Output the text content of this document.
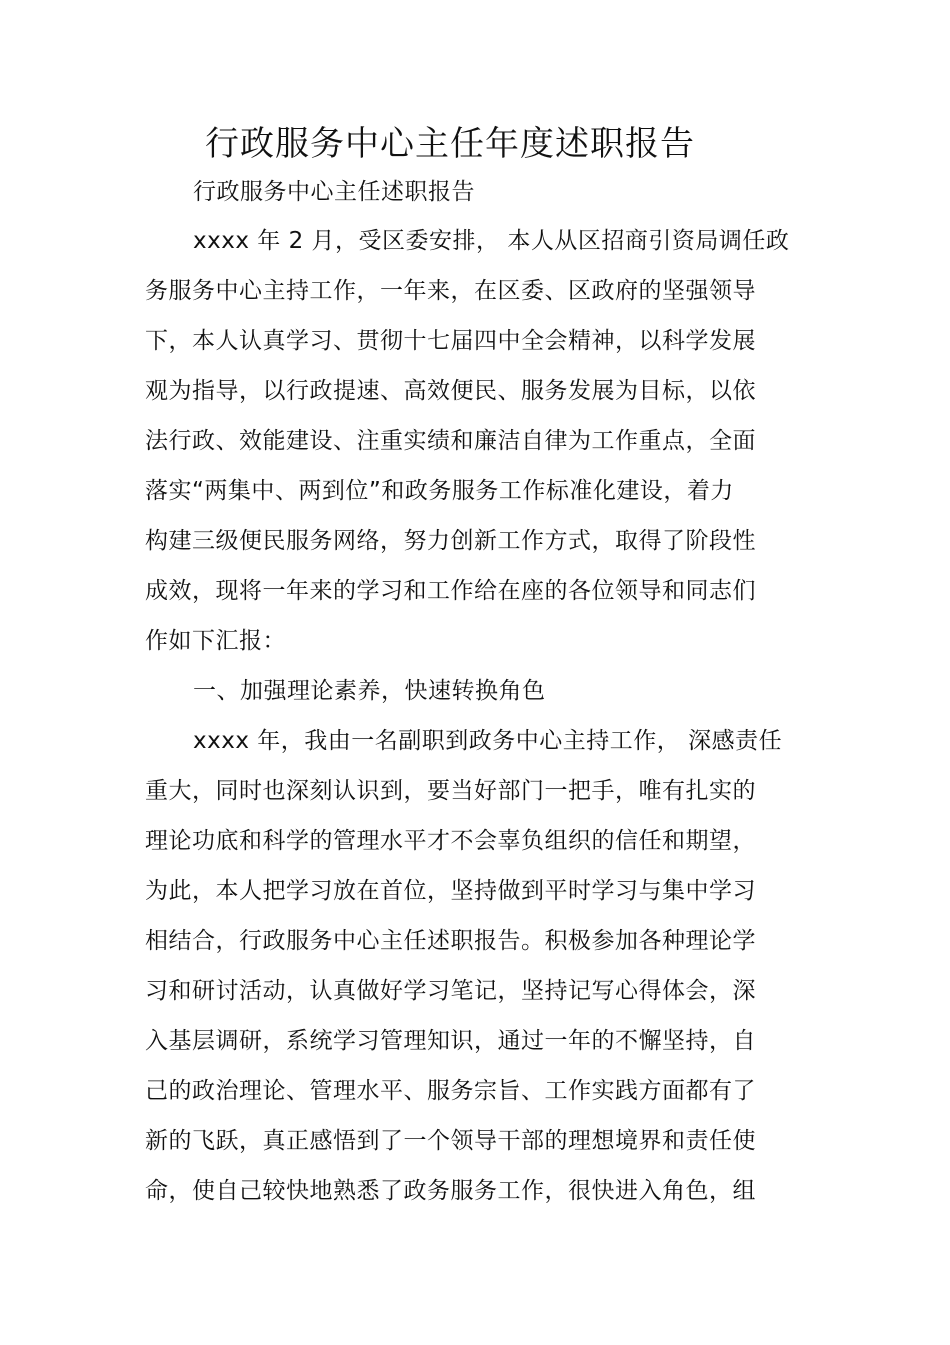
行政服务中心主任年度述职报告
行政服务中心主任述职报告
xxxx 年 2 月，受区委安排， 本人从区招商引资局调任政
务服务中心主持工作，一年来，在区委、区政府的坚强领导
下，本人认真学习、贯彻十七届四中全会精神，以科学发展
观为指导，以行政提速、高效便民、服务发展为目标，以依
法行政、效能建设、注重实绩和廉洁自律为工作重点，全面
落实“两集中、两到位”和政务服务工作标准化建设，着力
构建三级便民服务网络，努力创新工作方式，取得了阶段性
成效，现将一年来的学习和工作给在座的各位领导和同志们
作如下汇报：
一、加强理论素养，快速转换角色
xxxx 年，我由一名副职到政务中心主持工作， 深感责任
重大，同时也深刻认识到，要当好部门一把手，唯有扎实的
理论功底和科学的管理水平才不会辜负组织的信任和期望，
为此，本人把学习放在首位，坚持做到平时学习与集中学习
相结合，行政服务中心主任述职报告。积极参加各种理论学
习和研讨活动，认真做好学习笔记，坚持记写心得体会，深
入基层调研，系统学习管理知识，通过一年的不懈坚持，自
己的政治理论、管理水平、服务宗旨、工作实践方面都有了
新的飞跃，真正感悟到了一个领导干部的理想境界和责任使
命，使自己较快地熟悉了政务服务工作，很快进入角色，组
